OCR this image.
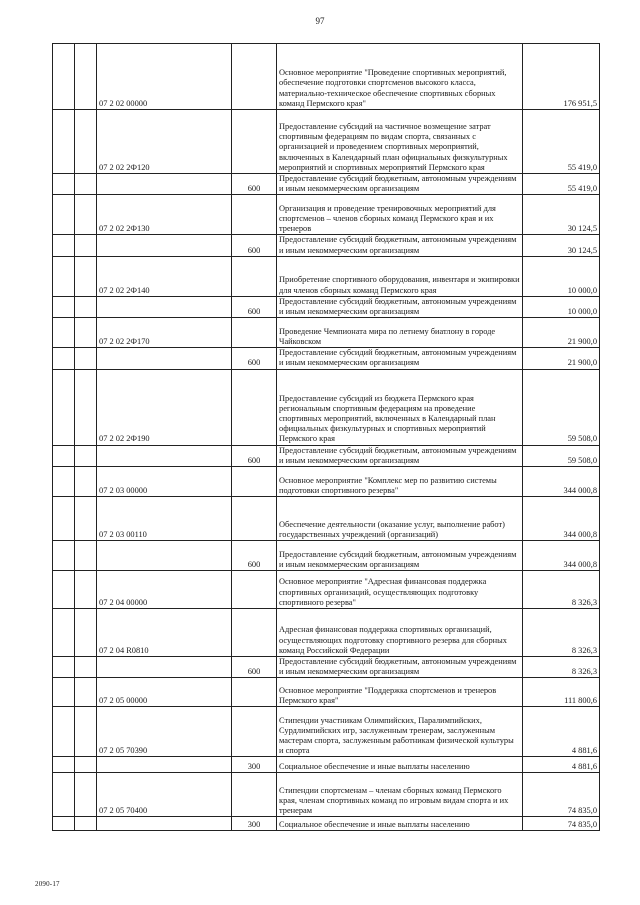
97
		07 2 02 00000		Основное мероприятие "Проведение спортивных мероприятий, обеспечение подготовки спортсменов высокого класса, материально-техническое обеспечение спортивных сборных команд Пермского края"	176 951,5
		07 2 02 2Ф120		Предоставление субсидий на частичное возмещение затрат спортивным федерациям по видам спорта, связанных с организацией и проведением спортивных мероприятий, включенных в Календарный план официальных физкультурных мероприятий и спортивных мероприятий Пермского края	55 419,0
			600	Предоставление субсидий бюджетным, автономным учреждениям и иным некоммерческим организациям	55 419,0
		07 2 02 2Ф130		Организация и проведение тренировочных мероприятий для спортсменов – членов сборных команд Пермского края и их тренеров	30 124,5
			600	Предоставление субсидий бюджетным, автономным учреждениям и иным некоммерческим организациям	30 124,5
		07 2 02 2Ф140		Приобретение спортивного оборудования, инвентаря и экипировки для членов сборных команд Пермского края	10 000,0
			600	Предоставление субсидий бюджетным, автономным учреждениям и иным некоммерческим организациям	10 000,0
		07 2 02 2Ф170		Проведение Чемпионата мира по летнему биатлону в городе Чайковском	21 900,0
			600	Предоставление субсидий бюджетным, автономным учреждениям и иным некоммерческим организациям	21 900,0
		07 2 02 2Ф190		Предоставление субсидий из бюджета Пермского края региональным спортивным федерациям на проведение спортивных мероприятий, включенных в Календарный план официальных физкультурных и спортивных мероприятий Пермского края	59 508,0
			600	Предоставление субсидий бюджетным, автономным учреждениям и иным некоммерческим организациям	59 508,0
		07 2 03 00000		Основное мероприятие "Комплекс мер по развитию системы подготовки спортивного резерва"	344 000,8
		07 2 03 00110		Обеспечение деятельности (оказание услуг, выполнение работ) государственных учреждений (организаций)	344 000,8
			600	Предоставление субсидий бюджетным, автономным учреждениям и иным некоммерческим организациям	344 000,8
		07 2 04 00000		Основное мероприятие "Адресная финансовая поддержка спортивных организаций, осуществляющих подготовку спортивного резерва"	8 326,3
		07 2 04 R0810		Адресная финансовая поддержка спортивных организаций, осуществляющих подготовку спортивного резерва для сборных команд Российской Федерации	8 326,3
			600	Предоставление субсидий бюджетным, автономным учреждениям и иным некоммерческим организациям	8 326,3
		07 2 05 00000		Основное мероприятие "Поддержка спортсменов и тренеров Пермского края"	111 800,6
		07 2 05 70390		Стипендии участникам Олимпийских, Паралимпийских, Сурдлимпийских игр, заслуженным тренерам, заслуженным мастерам спорта, заслуженным работникам физической культуры и спорта	4 881,6
			300	Социальное обеспечение и иные выплаты населению	4 881,6
		07 2 05 70400		Стипендии спортсменам – членам сборных команд Пермского края, членам спортивных команд по игровым видам спорта и их тренерам	74 835,0
			300	Социальное обеспечение и иные выплаты населению	74 835,0
2090-17
